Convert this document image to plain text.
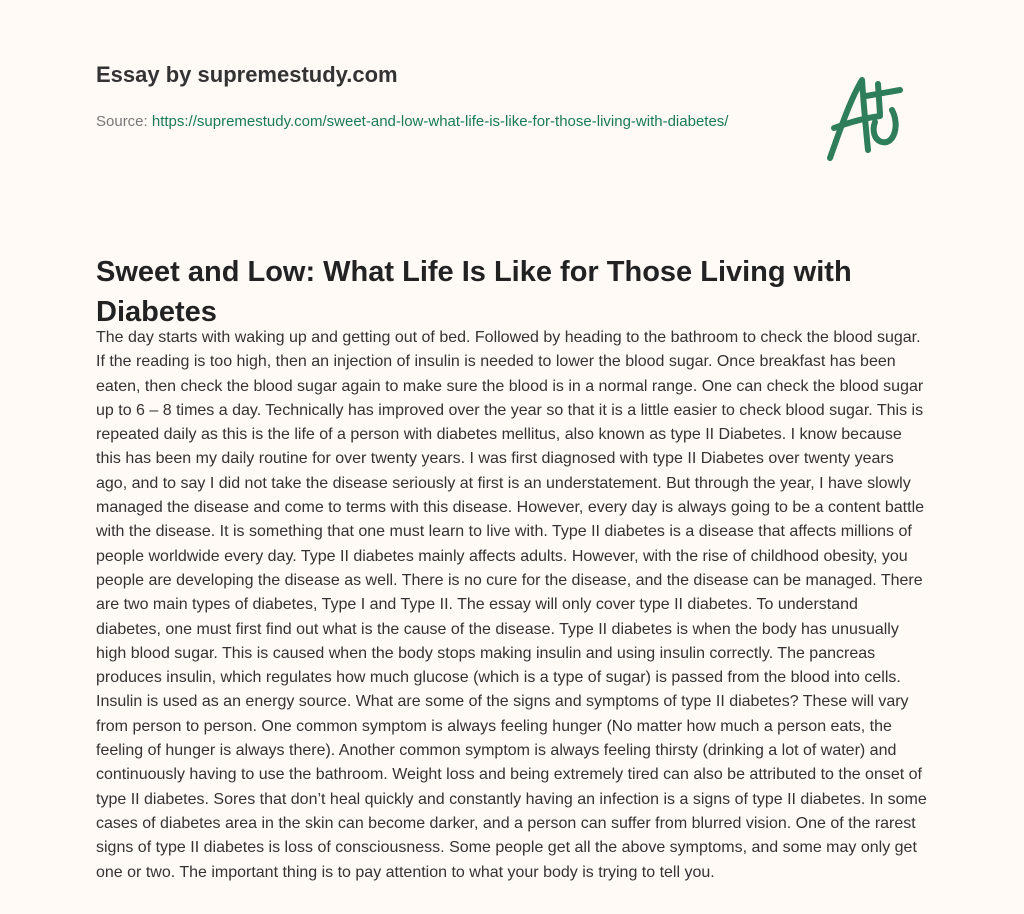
Essay by supremestudy.com
Source: https://supremestudy.com/sweet-and-low-what-life-is-like-for-those-living-with-diabetes/
Sweet and Low: What Life Is Like for Those Living with Diabetes
The day starts with waking up and getting out of bed. Followed by heading to the bathroom to check the blood sugar.
If the reading is too high, then an injection of insulin is needed to lower the blood sugar. Once breakfast has been
eaten, then check the blood sugar again to make sure the blood is in a normal range. One can check the blood sugar
up to 6 – 8 times a day. Technically has improved over the year so that it is a little easier to check blood sugar. This is
repeated daily as this is the life of a person with diabetes mellitus, also known as type II Diabetes. I know because
this has been my daily routine for over twenty years. I was first diagnosed with type II Diabetes over twenty years
ago, and to say I did not take the disease seriously at first is an understatement. But through the year, I have slowly
managed the disease and come to terms with this disease. However, every day is always going to be a content battle
with the disease. It is something that one must learn to live with. Type II diabetes is a disease that affects millions of
people worldwide every day. Type II diabetes mainly affects adults. However, with the rise of childhood obesity, you
people are developing the disease as well. There is no cure for the disease, and the disease can be managed. There
are two main types of diabetes, Type I and Type II. The essay will only cover type II diabetes. To understand
diabetes, one must first find out what is the cause of the disease. Type II diabetes is when the body has unusually
high blood sugar. This is caused when the body stops making insulin and using insulin correctly. The pancreas
produces insulin, which regulates how much glucose (which is a type of sugar) is passed from the blood into cells.
Insulin is used as an energy source. What are some of the signs and symptoms of type II diabetes? These will vary
from person to person. One common symptom is always feeling hunger (No matter how much a person eats, the
feeling of hunger is always there). Another common symptom is always feeling thirsty (drinking a lot of water) and
continuously having to use the bathroom. Weight loss and being extremely tired can also be attributed to the onset of
type II diabetes. Sores that don’t heal quickly and constantly having an infection is a signs of type II diabetes. In some
cases of diabetes area in the skin can become darker, and a person can suffer from blurred vision. One of the rarest
signs of type II diabetes is loss of consciousness. Some people get all the above symptoms, and some may only get
one or two. The important thing is to pay attention to what your body is trying to tell you.
